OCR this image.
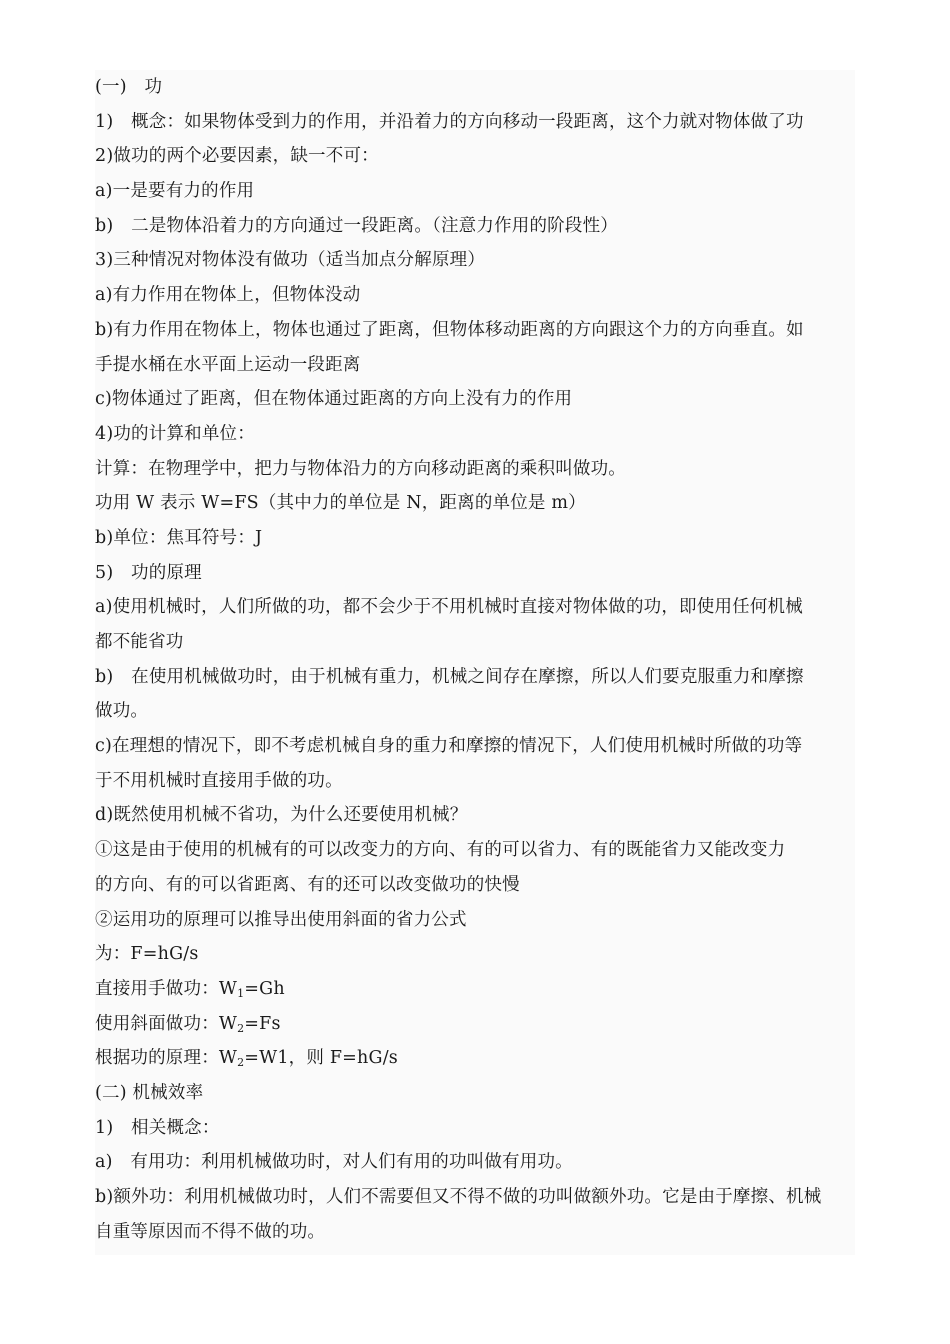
(一)　功
1)　概念：如果物体受到力的作用，并沿着力的方向移动一段距离，这个力就对物体做了功
2)做功的两个必要因素，缺一不可：
a)一是要有力的作用
b)　二是物体沿着力的方向通过一段距离。（注意力作用的阶段性）
3)三种情况对物体没有做功（适当加点分解原理）
a)有力作用在物体上，但物体没动
b)有力作用在物体上，物体也通过了距离，但物体移动距离的方向跟这个力的方向垂直。如
手提水桶在水平面上运动一段距离
c)物体通过了距离，但在物体通过距离的方向上没有力的作用
4)功的计算和单位：
计算：在物理学中，把力与物体沿力的方向移动距离的乘积叫做功。
功用 W 表示 W=FS（其中力的单位是 N，距离的单位是 m）
b)单位：焦耳符号：J
5)　功的原理
a)使用机械时，人们所做的功，都不会少于不用机械时直接对物体做的功，即使用任何机械
都不能省功
b)　在使用机械做功时，由于机械有重力，机械之间存在摩擦，所以人们要克服重力和摩擦
做功。
c)在理想的情况下，即不考虑机械自身的重力和摩擦的情况下，人们使用机械时所做的功等
于不用机械时直接用手做的功。
d)既然使用机械不省功，为什么还要使用机械？
①这是由于使用的机械有的可以改变力的方向、有的可以省力、有的既能省力又能改变力
的方向、有的可以省距离、有的还可以改变做功的快慢
②运用功的原理可以推导出使用斜面的省力公式
为：F=hG/s
直接用手做功：$W_1=Gh$
使用斜面做功：$W_2=Fs$
根据功的原理：$W_2=W1$，则 F=hG/s
(二) 机械效率
1)　相关概念：
a)　有用功：利用机械做功时，对人们有用的功叫做有用功。
b)额外功：利用机械做功时，人们不需要但又不得不做的功叫做额外功。它是由于摩擦、机械
自重等原因而不得不做的功。
